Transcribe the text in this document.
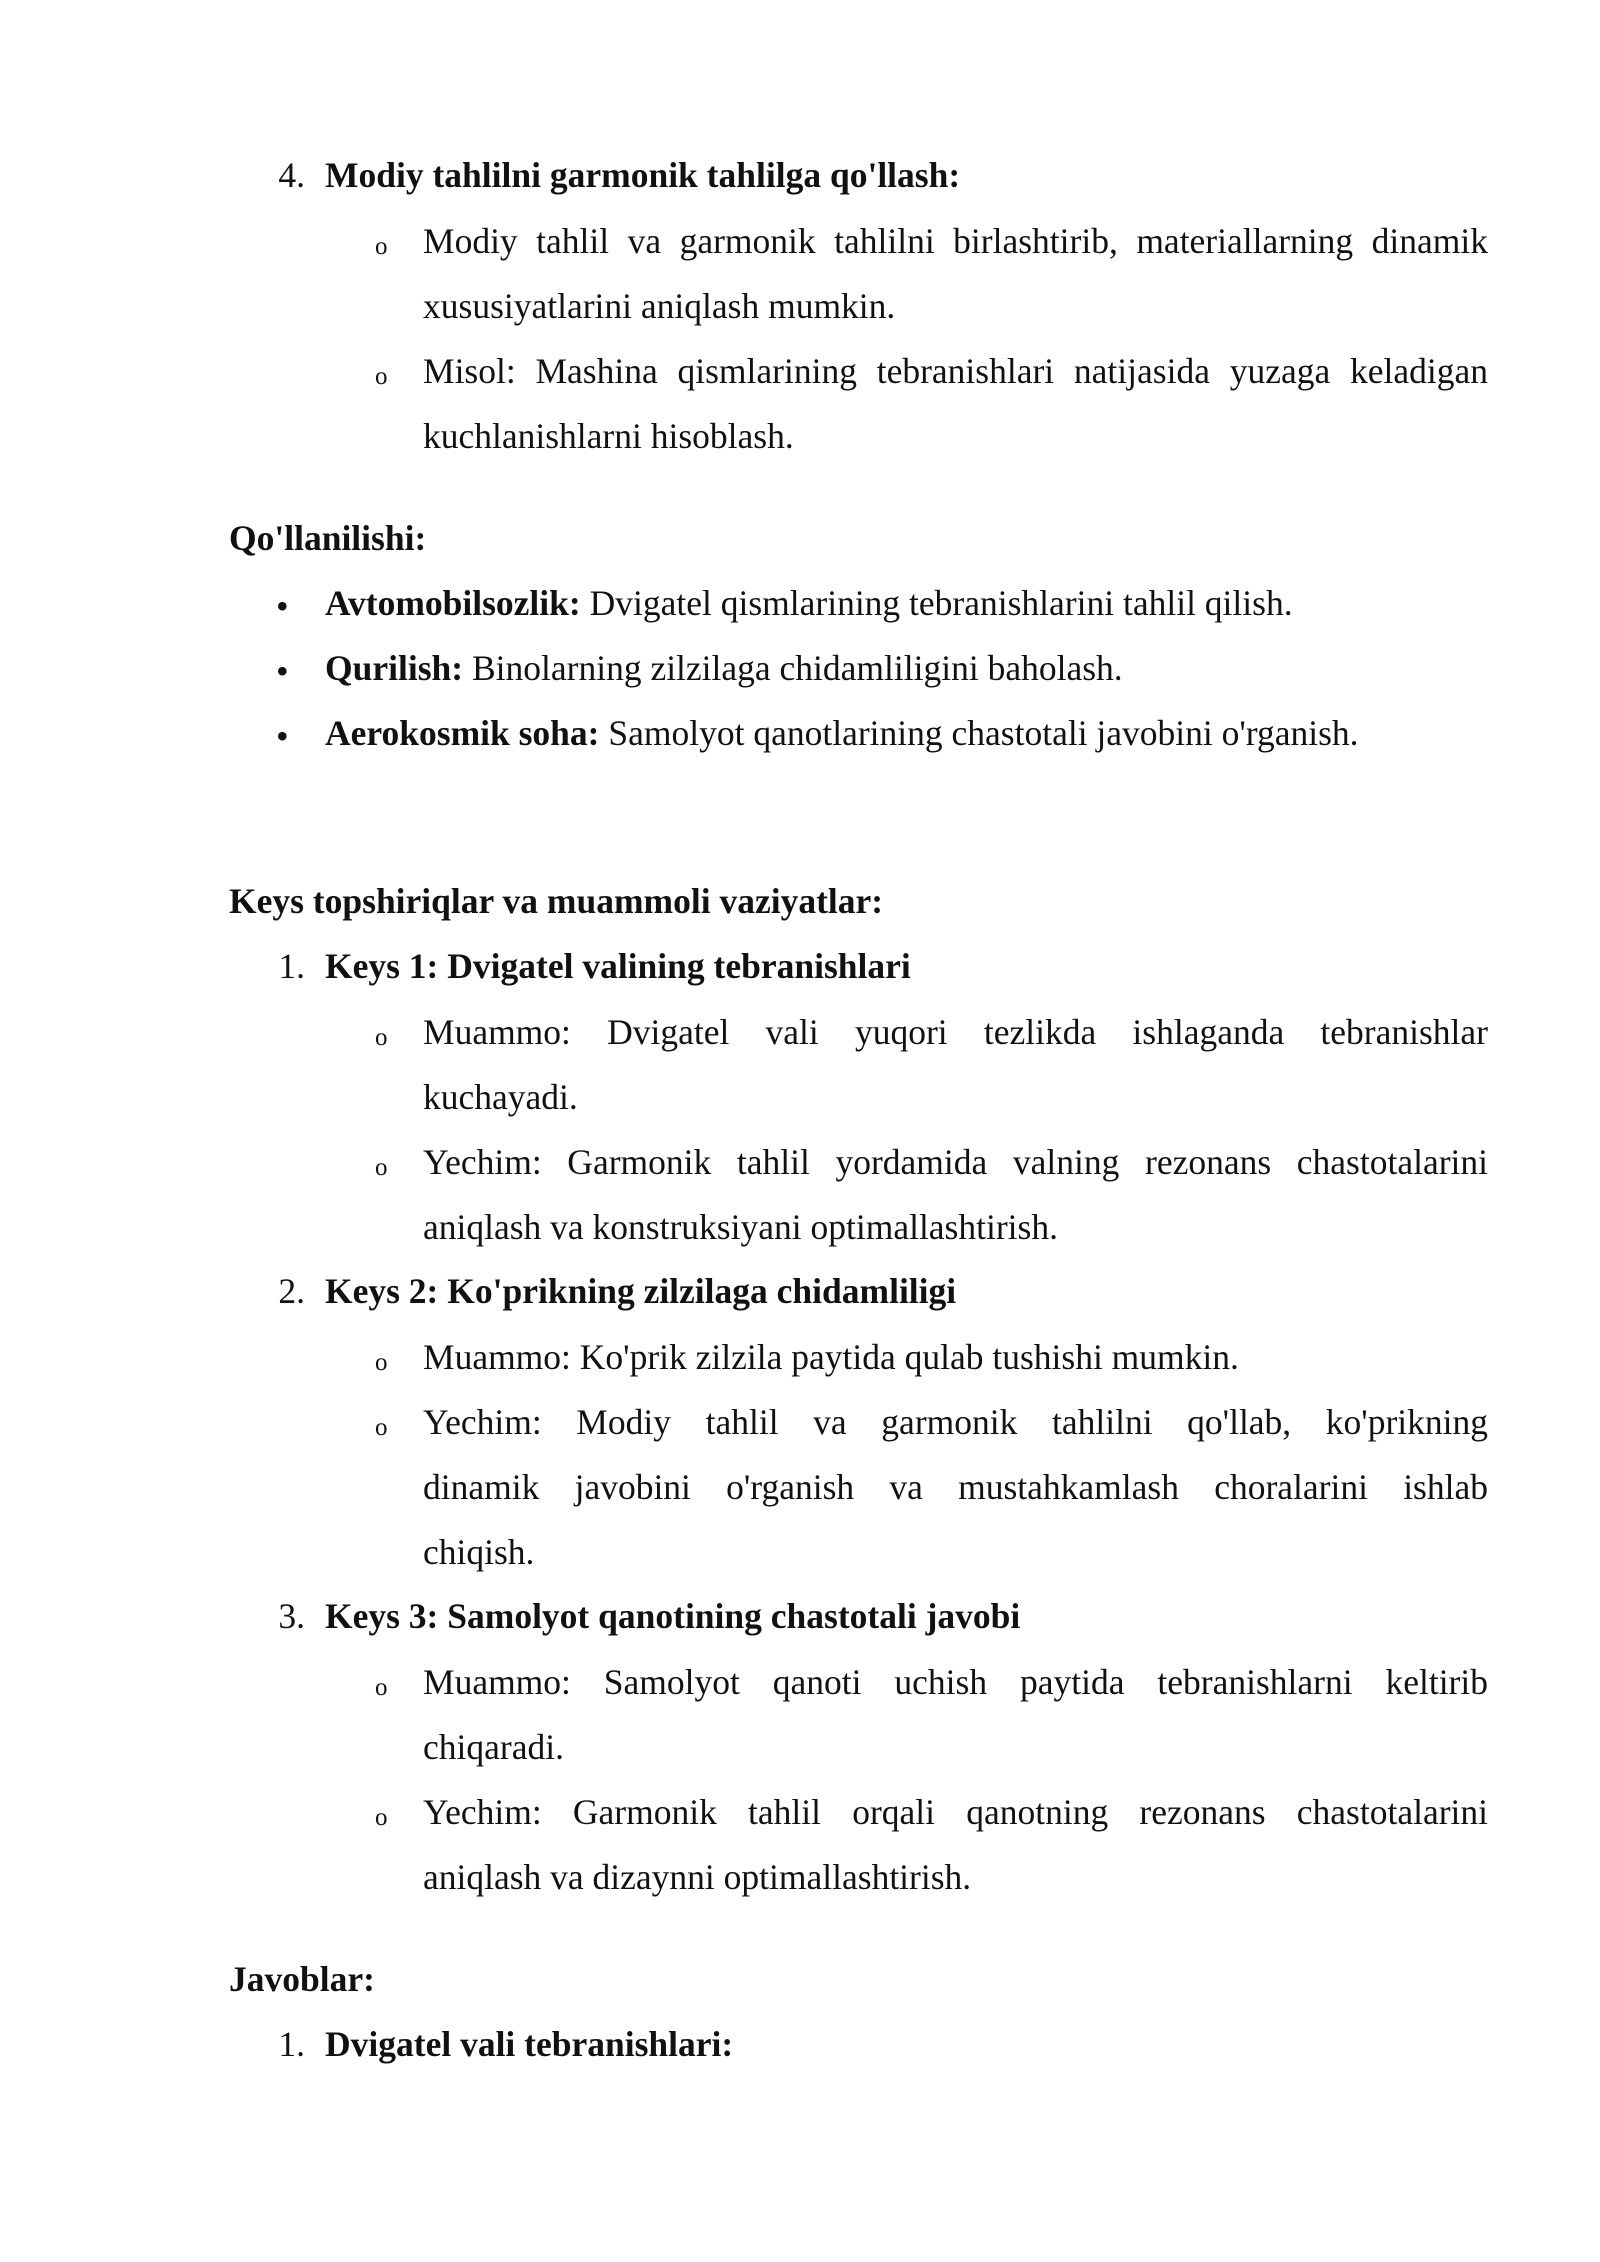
4. Modiy tahlilni garmonik tahlilga qo'llash:
o Modiy tahlil va garmonik tahlilni birlashtirib, materiallarning dinamik
xususiyatlarini aniqlash mumkin.
o Misol: Mashina qismlarining tebranishlari natijasida yuzaga keladigan
kuchlanishlarni hisoblash.
Qo'llanilishi:
• Avtomobilsozlik: Dvigatel qismlarining tebranishlarini tahlil qilish.
• Qurilish: Binolarning zilzilaga chidamliligini baholash.
• Aerokosmik soha: Samolyot qanotlarining chastotali javobini o'rganish.
Keys topshiriqlar va muammoli vaziyatlar:
1. Keys 1: Dvigatel valining tebranishlari
o Muammo: Dvigatel vali yuqori tezlikda ishlaganda tebranishlar
kuchayadi.
o Yechim: Garmonik tahlil yordamida valning rezonans chastotalarini
aniqlash va konstruksiyani optimallashtirish.
2. Keys 2: Ko'prikning zilzilaga chidamliligi
o Muammo: Ko'prik zilzila paytida qulab tushishi mumkin.
o Yechim: Modiy tahlil va garmonik tahlilni qo'llab, ko'prikning
dinamik javobini o'rganish va mustahkamlash choralarini ishlab
chiqish.
3. Keys 3: Samolyot qanotining chastotali javobi
o Muammo: Samolyot qanoti uchish paytida tebranishlarni keltirib
chiqaradi.
o Yechim: Garmonik tahlil orqali qanotning rezonans chastotalarini
aniqlash va dizaynni optimallashtirish.
Javoblar:
1. Dvigatel vali tebranishlari:
